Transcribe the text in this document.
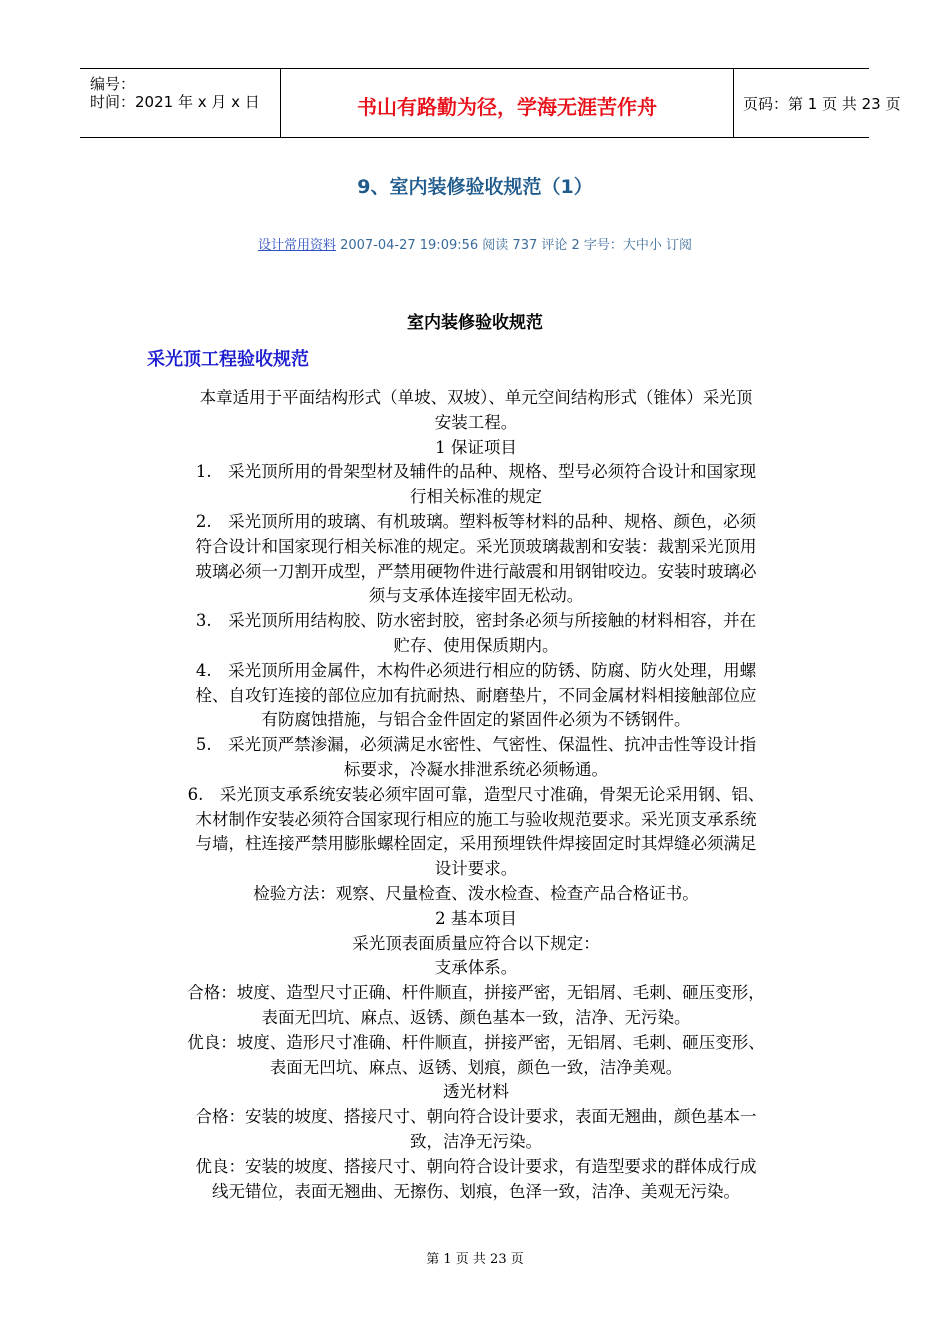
编号：
时间：2021 年 x 月 x 日	书山有路勤为径，学海无涯苦作舟	页码：第 1 页 共 23 页
9、室内装修验收规范（1）
设计常用资料 2007-04-27 19:09:56 阅读 737 评论 2 字号：大中小 订阅
室内装修验收规范
采光顶工程验收规范

本章适用于平面结构形式（单坡、双坡）、单元空间结构形式（锥体）采光顶

安装工程。

1 保证项目

1.　采光顶所用的骨架型材及辅件的品种、规格、型号必须符合设计和国家现

行相关标准的规定

2.　采光顶所用的玻璃、有机玻璃。塑料板等材料的品种、规格、颜色，必须

符合设计和国家现行相关标准的规定。采光顶玻璃裁割和安装：裁割采光顶用

玻璃必须一刀割开成型，严禁用硬物件进行敲震和用钢钳咬边。安装时玻璃必

须与支承体连接牢固无松动。

3.　采光顶所用结构胶、防水密封胶，密封条必须与所接触的材料相容，并在

贮存、使用保质期内。

4.　采光顶所用金属件，木构件必须进行相应的防锈、防腐、防火处理，用螺

栓、自攻钉连接的部位应加有抗耐热、耐磨垫片，不同金属材料相接触部位应

有防腐蚀措施，与铝合金件固定的紧固件必须为不锈钢件。

5.　采光顶严禁渗漏，必须满足水密性、气密性、保温性、抗冲击性等设计指

标要求，冷凝水排泄系统必须畅通。

6.　采光顶支承系统安装必须牢固可靠，造型尺寸准确，骨架无论采用钢、铝、

木材制作安装必须符合国家现行相应的施工与验收规范要求。采光顶支承系统

与墙，柱连接严禁用膨胀螺栓固定，采用预埋铁件焊接固定时其焊缝必须满足

设计要求。

检验方法：观察、尺量检查、泼水检查、检查产品合格证书。

2 基本项目

采光顶表面质量应符合以下规定：

支承体系。

合格：坡度、造型尺寸正确、杆件顺直，拼接严密，无铝屑、毛刺、砸压变形，

表面无凹坑、麻点、返锈、颜色基本一致，洁净、无污染。

优良：坡度、造形尺寸准确、杆件顺直，拼接严密，无铝屑、毛刺、砸压变形、

表面无凹坑、麻点、返锈、划痕，颜色一致，洁净美观。

透光材料

合格：安装的坡度、搭接尺寸、朝向符合设计要求，表面无翘曲，颜色基本一

致，洁净无污染。

优良：安装的坡度、搭接尺寸、朝向符合设计要求，有造型要求的群体成行成

线无错位，表面无翘曲、无擦伤、划痕，色泽一致，洁净、美观无污染。

第 1 页 共 23 页
